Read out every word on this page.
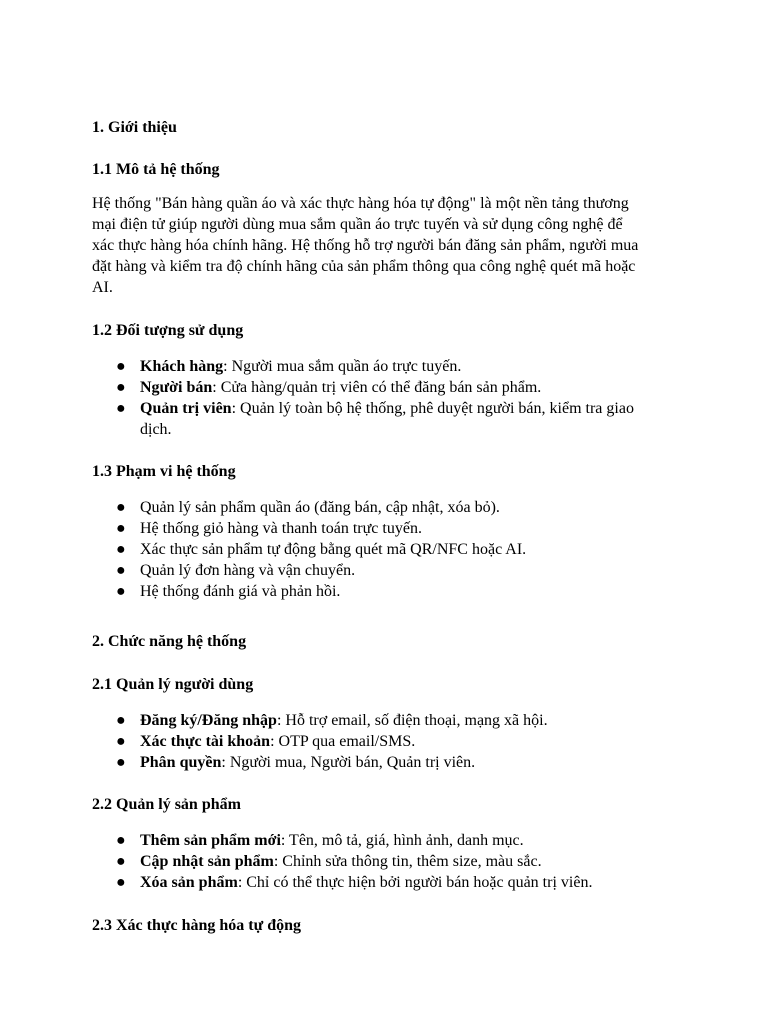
1. Giới thiệu

1.1 Mô tả hệ thống

Hệ thống "Bán hàng quần áo và xác thực hàng hóa tự động" là một nền tảng thương
mại điện tử giúp người dùng mua sắm quần áo trực tuyến và sử dụng công nghệ để
xác thực hàng hóa chính hãng. Hệ thống hỗ trợ người bán đăng sản phẩm, người mua
đặt hàng và kiểm tra độ chính hãng của sản phẩm thông qua công nghệ quét mã hoặc
AI.

1.2 Đối tượng sử dụng

● Khách hàng: Người mua sắm quần áo trực tuyến.
● Người bán: Cửa hàng/quản trị viên có thể đăng bán sản phẩm.
● Quản trị viên: Quản lý toàn bộ hệ thống, phê duyệt người bán, kiểm tra giao
dịch.

1.3 Phạm vi hệ thống

● Quản lý sản phẩm quần áo (đăng bán, cập nhật, xóa bỏ).
● Hệ thống giỏ hàng và thanh toán trực tuyến.
● Xác thực sản phẩm tự động bằng quét mã QR/NFC hoặc AI.
● Quản lý đơn hàng và vận chuyển.
● Hệ thống đánh giá và phản hồi.

2. Chức năng hệ thống

2.1 Quản lý người dùng

● Đăng ký/Đăng nhập: Hỗ trợ email, số điện thoại, mạng xã hội.
● Xác thực tài khoản: OTP qua email/SMS.
● Phân quyền: Người mua, Người bán, Quản trị viên.

2.2 Quản lý sản phẩm

● Thêm sản phẩm mới: Tên, mô tả, giá, hình ảnh, danh mục.
● Cập nhật sản phẩm: Chỉnh sửa thông tin, thêm size, màu sắc.
● Xóa sản phẩm: Chỉ có thể thực hiện bởi người bán hoặc quản trị viên.

2.3 Xác thực hàng hóa tự động
